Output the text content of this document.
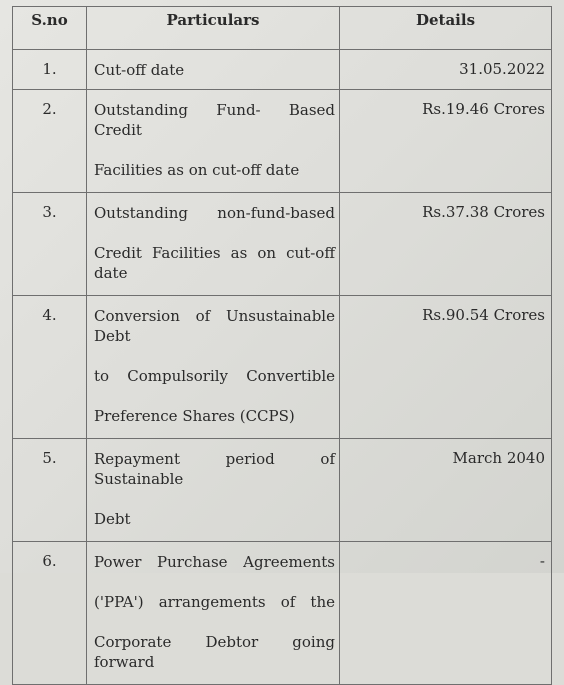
S.no	Particulars	Details
1.	Cut-off date	31.05.2022
2.	Outstanding Fund- Based Credit
Facilities as on cut-off date	Rs.19.46 Crores
3.	Outstanding non-fund-based
Credit Facilities as on cut-off date	Rs.37.38 Crores
4.	Conversion of Unsustainable Debt
to Compulsorily Convertible
Preference Shares (CCPS)	Rs.90.54 Crores
5.	Repayment period of Sustainable
Debt	March 2040
6.	Power Purchase Agreements
('PPA') arrangements of the
Corporate Debtor going forward	-
